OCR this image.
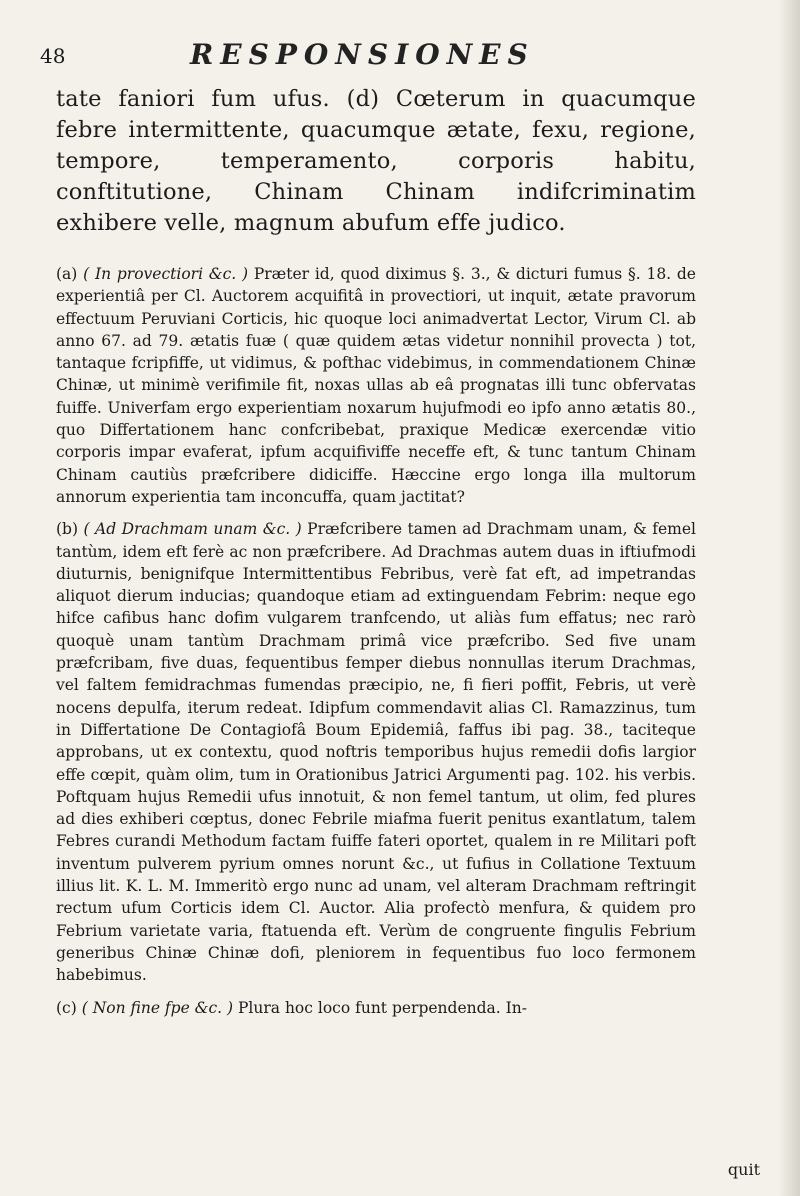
48	RESPONSIONES

tate faniori fum ufus. (d) Cœterum in quacumque febre intermittente, quacumque ætate, fexu, regione, tempore, temperamento, corporis habitu, conftitutione, Chinam Chinam indifcriminatim exhibere velle, magnum abufum effe judico.

(a) ( In provectiori &c. ) Præter id, quod diximus §. 3., & dicturi fumus §. 18. de experientiâ per Cl. Auctorem acquifitâ in provectiori, ut inquit, ætate pravorum effectuum Peruviani Corticis, hic quoque loci animadvertat Lector, Virum Cl. ab anno 67. ad 79. ætatis fuæ ( quæ quidem ætas videtur nonnihil provecta ) tot, tantaque fcripfiffe, ut vidimus, & pofthac videbimus, in commendationem Chinæ Chinæ, ut minimè verifimile fit, noxas ullas ab eâ prognatas illi tunc obfervatas fuiffe. Univerfam ergo experientiam noxarum hujufmodi eo ipfo anno ætatis 80., quo Differtationem hanc confcribebat, praxique Medicæ exercendæ vitio corporis impar evaferat, ipfum acquifiviffe neceffe eft, & tunc tantum Chinam Chinam cautiùs præfcribere didiciffe. Hæccine ergo longa illa multorum annorum experientia tam inconcuffa, quam jactitat?

(b) ( Ad Drachmam unam &c. ) Præfcribere tamen ad Drachmam unam, & femel tantùm, idem eft ferè ac non præfcribere. Ad Drachmas autem duas in iftiufmodi diuturnis, benignifque Intermittentibus Febribus, verè fat eft, ad impetrandas aliquot dierum inducias; quandoque etiam ad extinguendam Febrim: neque ego hifce cafibus hanc dofim vulgarem tranfcendo, ut aliàs fum effatus; nec rarò quoquè unam tantùm Drachmam primâ vice præfcribo. Sed five unam præfcribam, five duas, fequentibus femper diebus nonnullas iterum Drachmas, vel faltem femidrachmas fumendas præcipio, ne, fi fieri poffit, Febris, ut verè nocens depulfa, iterum redeat. Idipfum commendavit alias Cl. Ramazzinus, tum in Differtatione De Contagiofâ Boum Epidemiâ, faffus ibi pag. 38., taciteque approbans, ut ex contextu, quod noftris temporibus hujus remedii dofis largior effe cœpit, quàm olim, tum in Orationibus Jatrici Argumenti pag. 102. his verbis. Poftquam hujus Remedii ufus innotuit, & non femel tantum, ut olim, fed plures ad dies exhiberi cœptus, donec Febrile miafma fuerit penitus exantlatum, talem Febres curandi Methodum factam fuiffe fateri oportet, qualem in re Militari poft inventum pulverem pyrium omnes norunt &c., ut fufius in Collatione Textuum illius lit. K. L. M. Immeritò ergo nunc ad unam, vel alteram Drachmam reftringit rectum ufum Corticis idem Cl. Auctor. Alia profectò menfura, & quidem pro Febrium varietate varia, ftatuenda eft. Verùm de congruente fingulis Febrium generibus Chinæ Chinæ dofi, pleniorem in fequentibus fuo loco fermonem habebimus.

(c) ( Non fine fpe &c. ) Plura hoc loco funt perpendenda. In-

quit
